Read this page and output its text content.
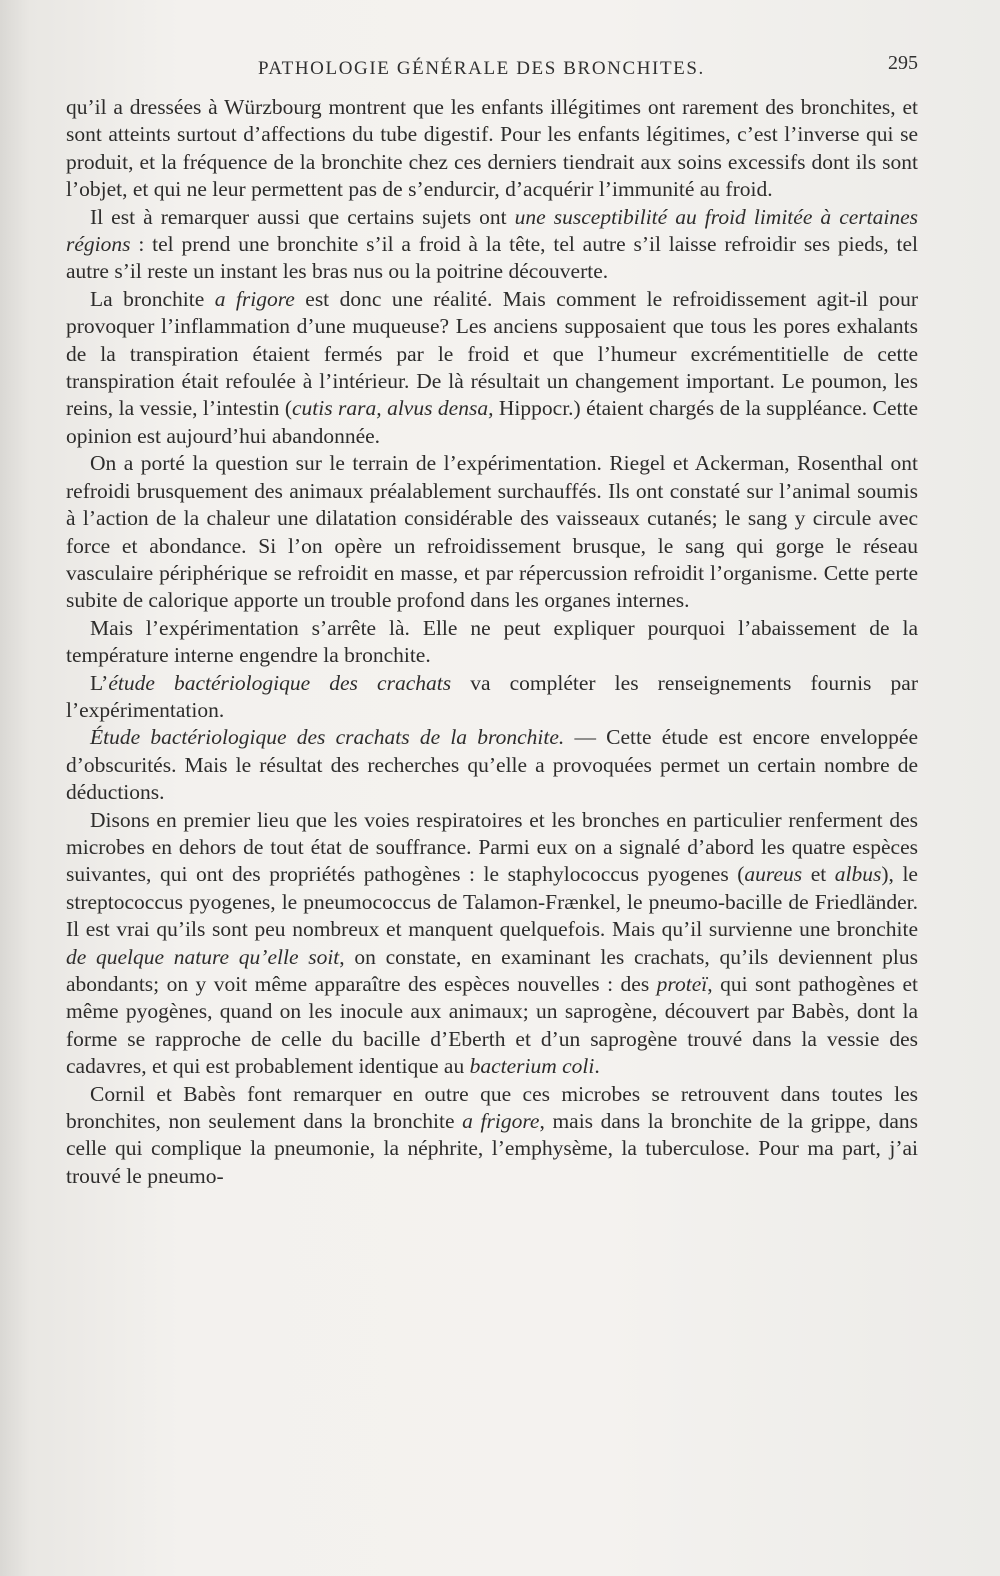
PATHOLOGIE GÉNÉRALE DES BRONCHITES.	295

qu’il a dressées à Würzbourg montrent que les enfants illégitimes ont rarement des bronchites, et sont atteints surtout d’affections du tube digestif. Pour les enfants légitimes, c’est l’inverse qui se produit, et la fréquence de la bronchite chez ces derniers tiendrait aux soins excessifs dont ils sont l’objet, et qui ne leur permettent pas de s’endurcir, d’acquérir l’immunité au froid.

Il est à remarquer aussi que certains sujets ont une susceptibilité au froid limitée à certaines régions : tel prend une bronchite s’il a froid à la tête, tel autre s’il laisse refroidir ses pieds, tel autre s’il reste un instant les bras nus ou la poitrine découverte.

La bronchite a frigore est donc une réalité. Mais comment le refroidissement agit-il pour provoquer l’inflammation d’une muqueuse? Les anciens supposaient que tous les pores exhalants de la transpiration étaient fermés par le froid et que l’humeur excrémentitielle de cette transpiration était refoulée à l’intérieur. De là résultait un changement important. Le poumon, les reins, la vessie, l’intestin (cutis rara, alvus densa, Hippocr.) étaient chargés de la suppléance. Cette opinion est aujourd’hui abandonnée.

On a porté la question sur le terrain de l’expérimentation. Riegel et Ackerman, Rosenthal ont refroidi brusquement des animaux préalablement surchauffés. Ils ont constaté sur l’animal soumis à l’action de la chaleur une dilatation considérable des vaisseaux cutanés; le sang y circule avec force et abondance. Si l’on opère un refroidissement brusque, le sang qui gorge le réseau vasculaire périphérique se refroidit en masse, et par répercussion refroidit l’organisme. Cette perte subite de calorique apporte un trouble profond dans les organes internes.

Mais l’expérimentation s’arrête là. Elle ne peut expliquer pourquoi l’abaissement de la température interne engendre la bronchite.

L’étude bactériologique des crachats va compléter les renseignements fournis par l’expérimentation.

Étude bactériologique des crachats de la bronchite. — Cette étude est encore enveloppée d’obscurités. Mais le résultat des recherches qu’elle a provoquées permet un certain nombre de déductions.

Disons en premier lieu que les voies respiratoires et les bronches en particulier renferment des microbes en dehors de tout état de souffrance. Parmi eux on a signalé d’abord les quatre espèces suivantes, qui ont des propriétés pathogènes : le staphylococcus pyogenes (aureus et albus), le streptococcus pyogenes, le pneumococcus de Talamon-Frænkel, le pneumo-bacille de Friedländer. Il est vrai qu’ils sont peu nombreux et manquent quelquefois. Mais qu’il survienne une bronchite de quelque nature qu’elle soit, on constate, en examinant les crachats, qu’ils deviennent plus abondants; on y voit même apparaître des espèces nouvelles : des proteï, qui sont pathogènes et même pyogènes, quand on les inocule aux animaux; un saprogène, découvert par Babès, dont la forme se rapproche de celle du bacille d’Eberth et d’un saprogène trouvé dans la vessie des cadavres, et qui est probablement identique au bacterium coli.

Cornil et Babès font remarquer en outre que ces microbes se retrouvent dans toutes les bronchites, non seulement dans la bronchite a frigore, mais dans la bronchite de la grippe, dans celle qui complique la pneumonie, la néphrite, l’emphysème, la tuberculose. Pour ma part, j’ai trouvé le pneumo-
